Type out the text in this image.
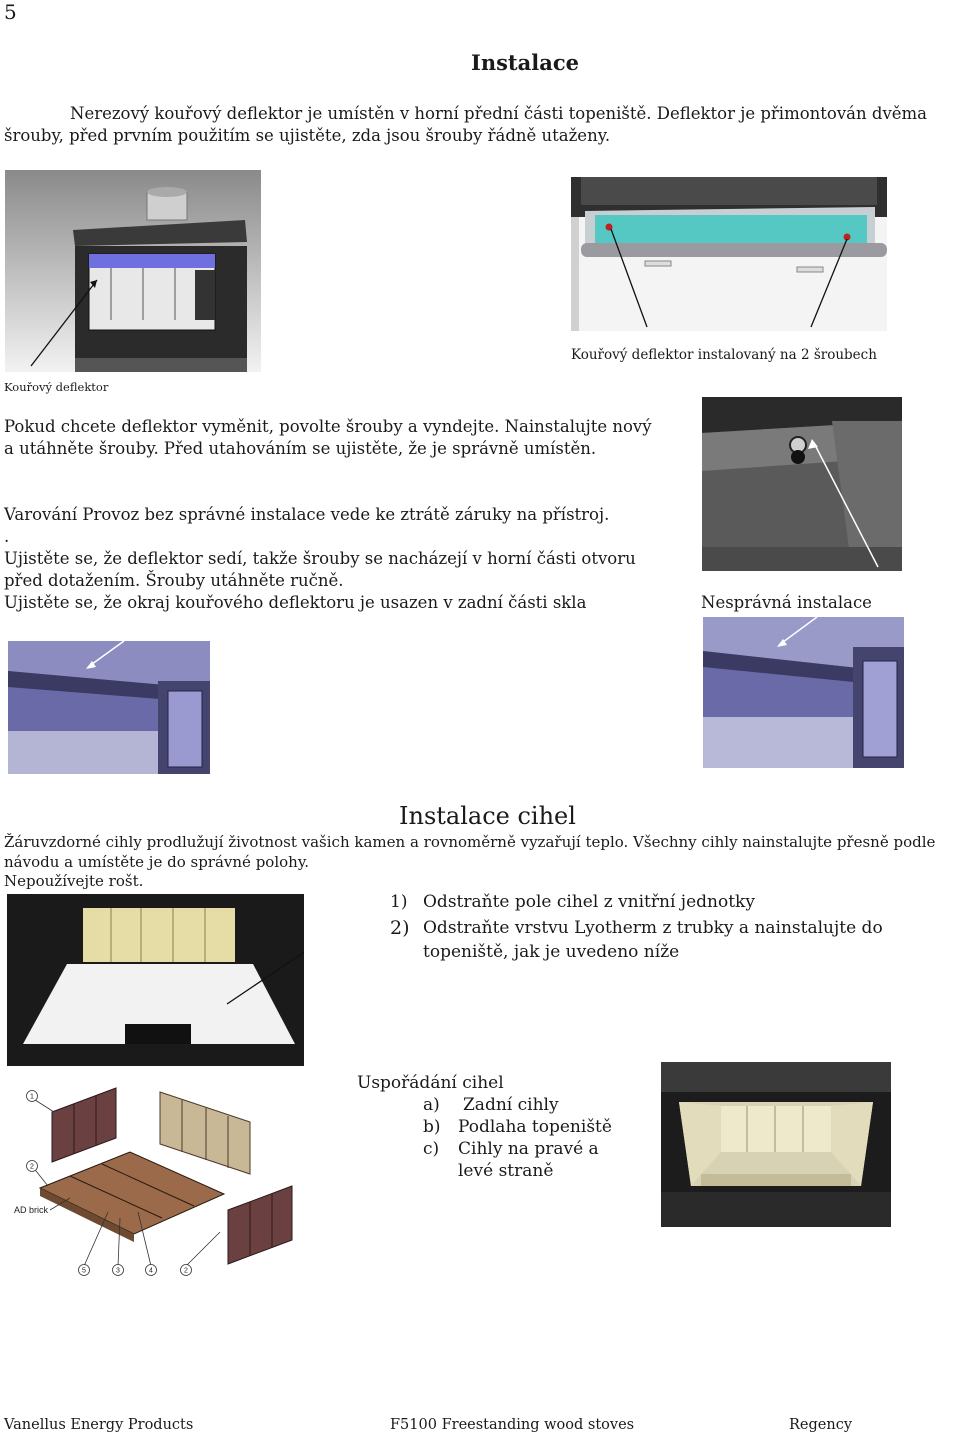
5
Instalace
Nerezový kouřový deflektor je umístěn v horní přední části topeniště. Deflektor je přimontován dvěma šrouby, před prvním použitím se ujistěte, zda jsou šrouby řádně utaženy.
Kouřový deflektor instalovaný na 2 šroubech
Kouřový deflektor
Pokud chcete deflektor vyměnit, povolte šrouby a vyndejte. Nainstalujte nový a utáhněte šrouby. Před utahováním se ujistěte, že je správně umístěn.
Varování Provoz bez správné instalace vede ke ztrátě záruky na přístroj.
.
Ujistěte se, že deflektor sedí, takže šrouby se nacházejí v horní části otvoru před dotažením. Šrouby utáhněte ručně.
Ujistěte se, že okraj kouřového deflektoru je usazen v zadní části skla	Nesprávná instalace
Instalace cihel
Žáruvzdorné cihly prodlužují životnost vašich kamen a rovnoměrně vyzařují teplo. Všechny cihly nainstalujte přesně podle návodu a umístěte je do správné polohy.
Nepoužívejte rošt.
1) Odstraňte pole cihel z vnitřní jednotky
2) Odstraňte vrstvu Lyotherm z trubky a nainstalujte do topeniště, jak je uvedeno níže
1
2
5	3	4	2
AD brick
Uspořádání cihel
a)	Zadní cihly
b)	Podlaha topeniště
c)	Cihly na pravé a levé straně
Vanellus Energy Products	F5100 Freestanding wood stoves	Regency
